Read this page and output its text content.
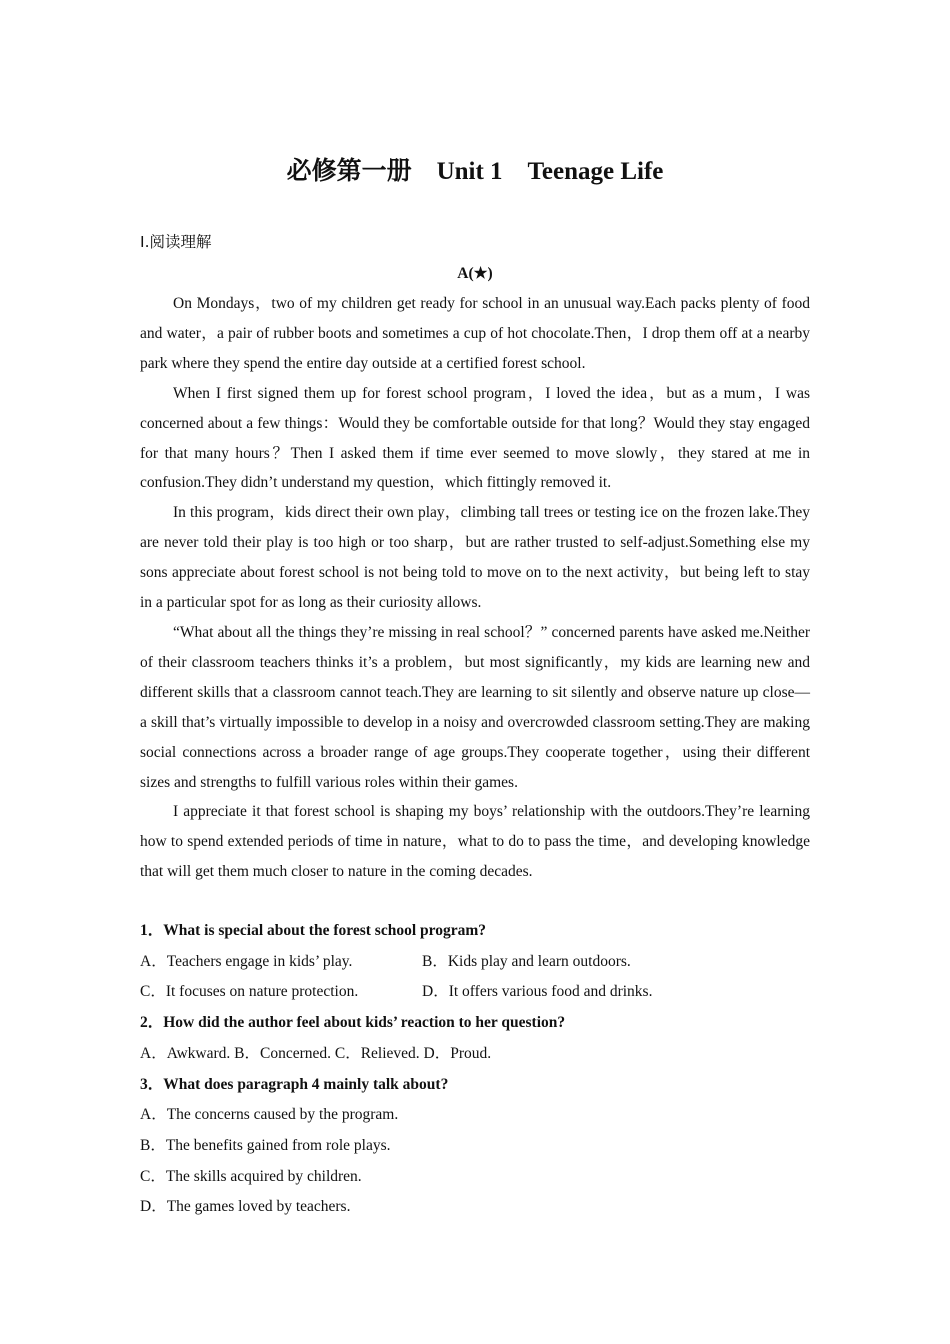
必修第一册　Unit 1　Teenage Life
Ⅰ.阅读理解
A(★)

On Mondays，two of my children get ready for school in an unusual way.Each packs plenty of food and water，a pair of rubber boots and sometimes a cup of hot chocolate.Then，I drop them off at a nearby park where they spend the entire day outside at a certified forest school.

When I first signed them up for forest school program，I loved the idea，but as a mum，I was concerned about a few things：Would they be comfortable outside for that long？Would they stay engaged for that many hours？Then I asked them if time ever seemed to move slowly，they stared at me in confusion.They didn’t understand my question，which fittingly removed it.

In this program，kids direct their own play，climbing tall trees or testing ice on the frozen lake.They are never told their play is too high or too sharp，but are rather trusted to self-adjust.Something else my sons appreciate about forest school is not being told to move on to the next activity，but being left to stay in a particular spot for as long as their curiosity allows.

“What about all the things they’re missing in real school？” concerned parents have asked me.Neither of their classroom teachers thinks it’s a problem，but most significantly，my kids are learning new and different skills that a classroom cannot teach.They are learning to sit silently and observe nature up close—a skill that’s virtually impossible to develop in a noisy and overcrowded classroom setting.They are making social connections across a broader range of age groups.They cooperate together，using their different sizes and strengths to fulfill various roles within their games.

I appreciate it that forest school is shaping my boys’ relationship with the outdoors.They’re learning how to spend extended periods of time in nature，what to do to pass the time，and developing knowledge that will get them much closer to nature in the coming decades.

1．What is special about the forest school program?

A．Teachers engage in kids’ play.	B．Kids play and learn outdoors.
C．It focuses on nature protection.	D．It offers various food and drinks.

2．How did the author feel about kids’ reaction to her question?

A．Awkward. B．Concerned. C．Relieved. D．Proud.

3．What does paragraph 4 mainly talk about?

A．The concerns caused by the program.

B．The benefits gained from role plays.

C．The skills acquired by children.

D．The games loved by teachers.
